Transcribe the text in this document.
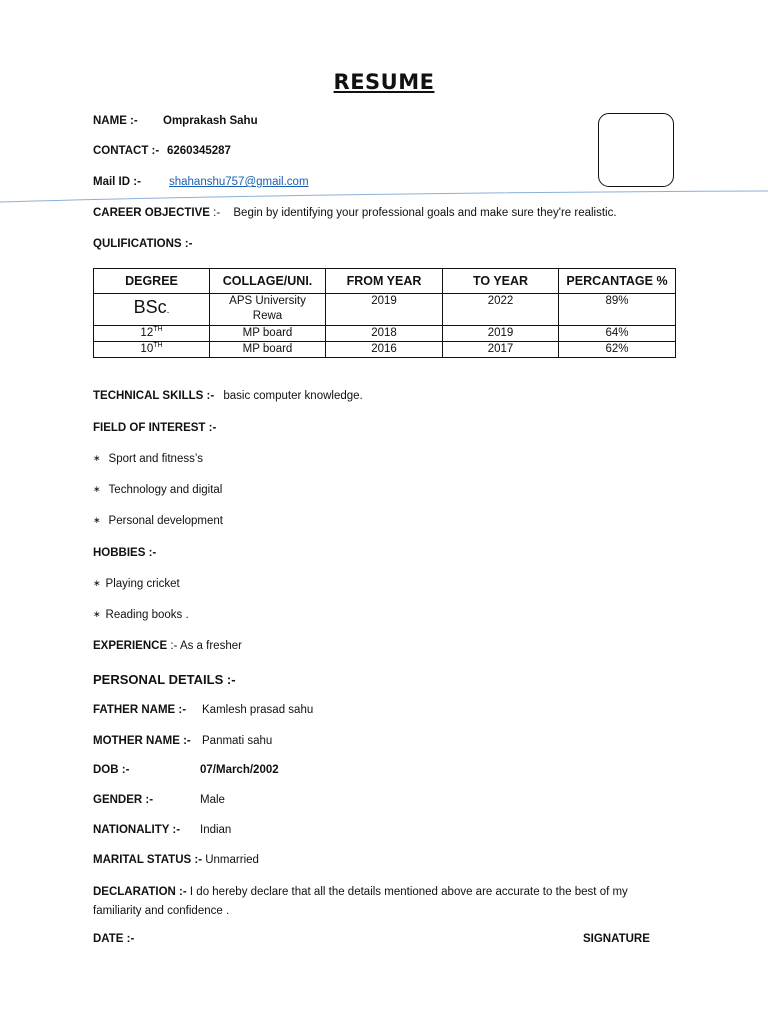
RESUME
NAME :- Omprakash Sahu
CONTACT :- 6260345287
Mail ID :- shahanshu757@gmail.com
CAREER OBJECTIVE :- Begin by identifying your professional goals and make sure they're realistic.
QULIFICATIONS :-
DEGREE	COLLAGE/UNI.	FROM YEAR	TO YEAR	PERCANTAGE %
BSc.	APS University Rewa	2019	2022	89%
12TH	MP board	2018	2019	64%
10TH	MP board	2016	2017	62%
TECHNICAL SKILLS :- basic computer knowledge.
FIELD OF INTEREST :-
∗ Sport and fitness’s
∗ Technology and digital
∗ Personal development
HOBBIES :-
∗ Playing cricket
∗ Reading books .
EXPERIENCE :- As a fresher
PERSONAL DETAILS :-
FATHER NAME :- Kamlesh prasad sahu
MOTHER NAME :- Panmati sahu
DOB :-	07/March/2002
GENDER :-	Male
NATIONALITY :- Indian
MARITAL STATUS :- Unmarried
DECLARATION :- I do hereby declare that all the details mentioned above are accurate to the best of my familiarity and confidence .
DATE :-	SIGNATURE
